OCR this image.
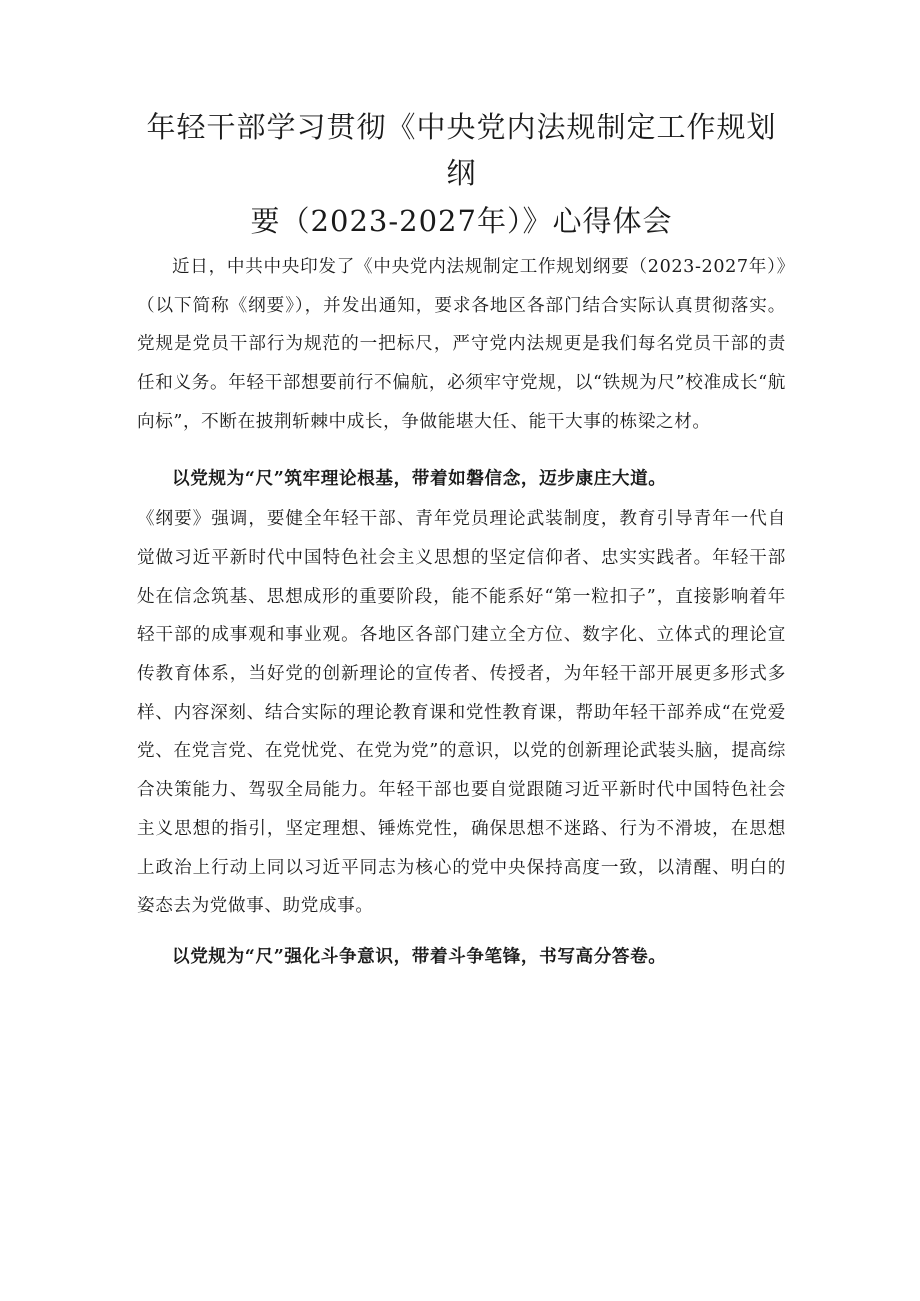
年轻干部学习贯彻《中央党内法规制定工作规划纲
要（2023-2027年）》心得体会

近日，中共中央印发了《中央党内法规制定工作规划纲要（2023-2027年）》（以下简称《纲要》），并发出通知，要求各地区各部门结合实际认真贯彻落实。党规是党员干部行为规范的一把标尺，严守党内法规更是我们每名党员干部的责任和义务。年轻干部想要前行不偏航，必须牢守党规，以“铁规为尺”校准成长“航向标”，不断在披荆斩棘中成长，争做能堪大任、能干大事的栋梁之材。

以党规为“尺”筑牢理论根基，带着如磐信念，迈步康庄大道。

《纲要》强调，要健全年轻干部、青年党员理论武装制度，教育引导青年一代自觉做习近平新时代中国特色社会主义思想的坚定信仰者、忠实实践者。年轻干部处在信念筑基、思想成形的重要阶段，能不能系好“第一粒扣子”，直接影响着年轻干部的成事观和事业观。各地区各部门建立全方位、数字化、立体式的理论宣传教育体系，当好党的创新理论的宣传者、传授者，为年轻干部开展更多形式多样、内容深刻、结合实际的理论教育课和党性教育课，帮助年轻干部养成“在党爱党、在党言党、在党忧党、在党为党”的意识，以党的创新理论武装头脑，提高综合决策能力、驾驭全局能力。年轻干部也要自觉跟随习近平新时代中国特色社会主义思想的指引，坚定理想、锤炼党性，确保思想不迷路、行为不滑坡，在思想上政治上行动上同以习近平同志为核心的党中央保持高度一致，以清醒、明白的姿态去为党做事、助党成事。

以党规为“尺”强化斗争意识，带着斗争笔锋，书写高分答卷。
